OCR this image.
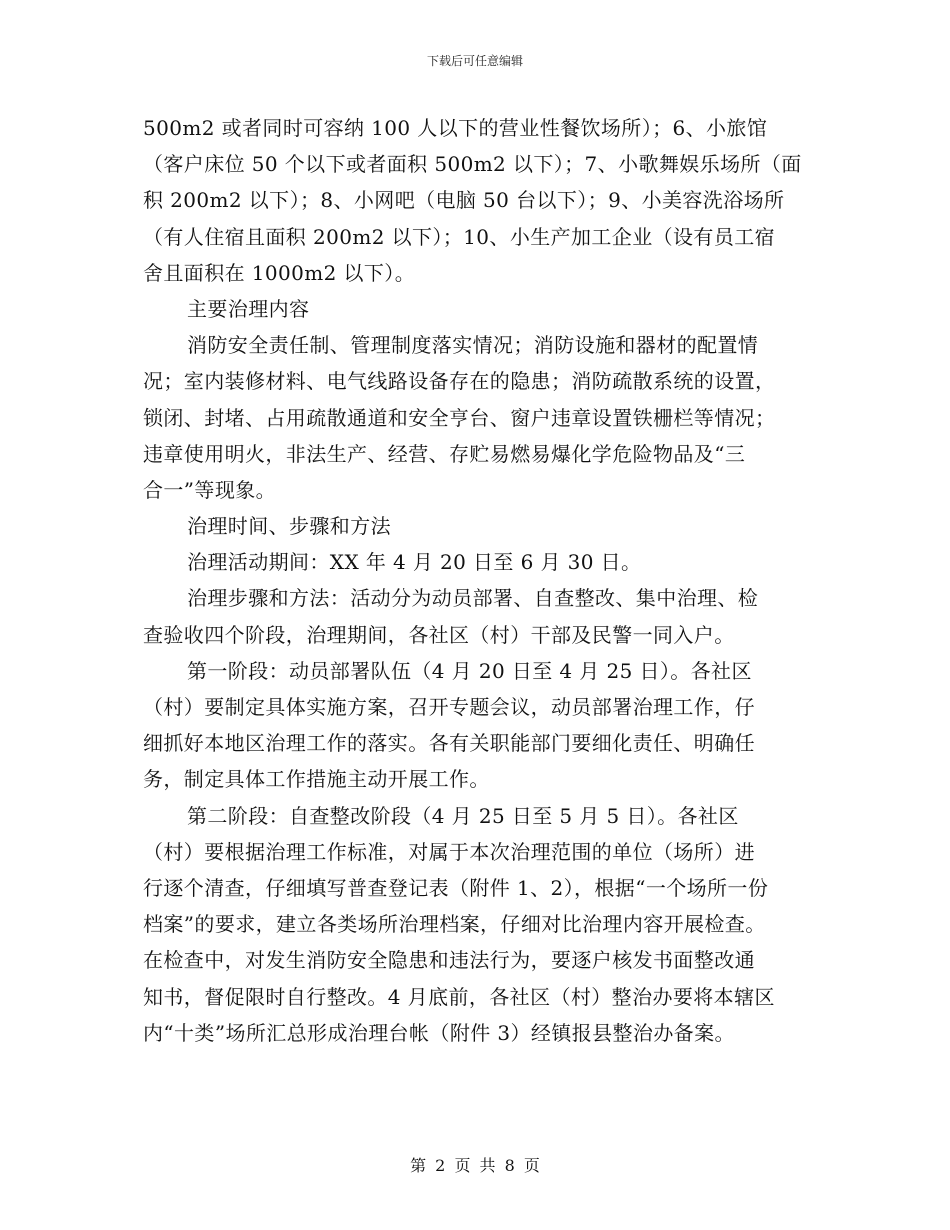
下载后可任意编辑
500m2 或者同时可容纳 100 人以下的营业性餐饮场所）；6、小旅馆
（客户床位 50 个以下或者面积 500m2 以下）；7、小歌舞娱乐场所（面
积 200m2 以下）；8、小网吧（电脑 50 台以下）；9、小美容洗浴场所
（有人住宿且面积 200m2 以下）；10、小生产加工企业（设有员工宿
舍且面积在 1000m2 以下）。
主要治理内容
消防安全责任制、管理制度落实情况；消防设施和器材的配置情
况；室内装修材料、电气线路设备存在的隐患；消防疏散系统的设置，
锁闭、封堵、占用疏散通道和安全亨台、窗户违章设置铁栅栏等情况；
违章使用明火，非法生产、经营、存贮易燃易爆化学危险物品及“三
合一”等现象。
治理时间、步骤和方法
治理活动期间：XX 年 4 月 20 日至 6 月 30 日。
治理步骤和方法：活动分为动员部署、自查整改、集中治理、检
查验收四个阶段，治理期间，各社区（村）干部及民警一同入户。
第一阶段：动员部署队伍（4 月 20 日至 4 月 25 日）。各社区
（村）要制定具体实施方案，召开专题会议，动员部署治理工作，仔
细抓好本地区治理工作的落实。各有关职能部门要细化责任、明确任
务，制定具体工作措施主动开展工作。
第二阶段：自查整改阶段（4 月 25 日至 5 月 5 日）。各社区
（村）要根据治理工作标准，对属于本次治理范围的单位（场所）进
行逐个清查，仔细填写普查登记表（附件 1、2），根据“一个场所一份
档案”的要求，建立各类场所治理档案，仔细对比治理内容开展检查。
在检查中，对发生消防安全隐患和违法行为，要逐户核发书面整改通
知书，督促限时自行整改。4 月底前，各社区（村）整治办要将本辖区
内“十类”场所汇总形成治理台帐（附件 3）经镇报县整治办备案。
第 2 页 共 8 页
